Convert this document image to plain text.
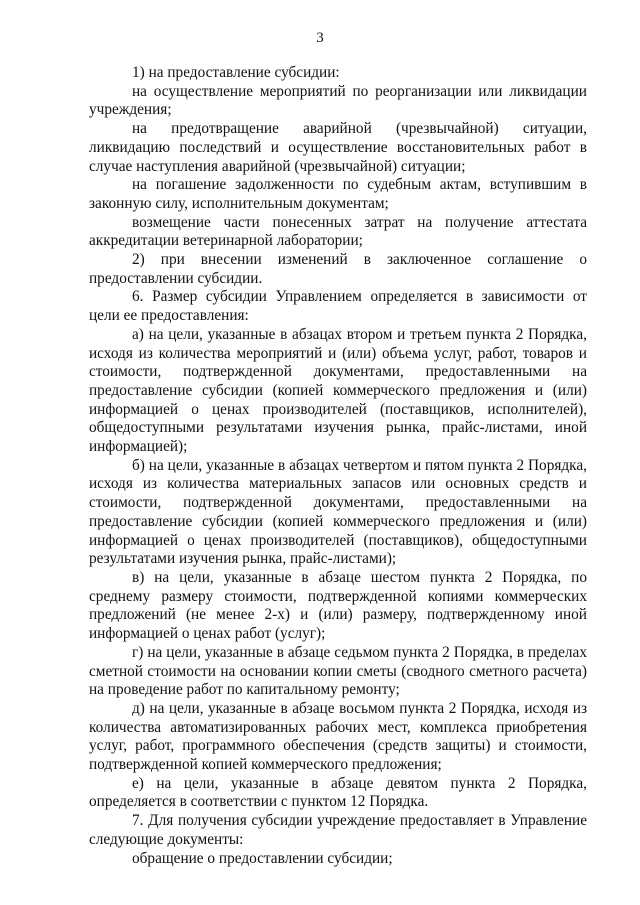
3

1) на предоставление субсидии:

на осуществление мероприятий по реорганизации или ликвидации учреждения;

на предотвращение аварийной (чрезвычайной) ситуации, ликвидацию последствий и осуществление восстановительных работ в случае наступления аварийной (чрезвычайной) ситуации;

на погашение задолженности по судебным актам, вступившим в законную силу, исполнительным документам;

возмещение части понесенных затрат на получение аттестата аккредитации ветеринарной лаборатории;

2) при внесении изменений в заключенное соглашение о предоставлении субсидии.

6. Размер субсидии Управлением определяется в зависимости от цели ее предоставления:

а) на цели, указанные в абзацах втором и третьем пункта 2 Порядка, исходя из количества мероприятий и (или) объема услуг, работ, товаров и стоимости, подтвержденной документами, предоставленными на предоставление субсидии (копией коммерческого предложения и (или) информацией о ценах производителей (поставщиков, исполнителей), общедоступными результатами изучения рынка, прайс-листами, иной информацией);

б) на цели, указанные в абзацах четвертом и пятом пункта 2 Порядка, исходя из количества материальных запасов или основных средств и стоимости, подтвержденной документами, предоставленными на предоставление субсидии (копией коммерческого предложения и (или) информацией о ценах производителей (поставщиков), общедоступными результатами изучения рынка, прайс-листами);

в) на цели, указанные в абзаце шестом пункта 2 Порядка, по среднему размеру стоимости, подтвержденной копиями коммерческих предложений (не менее 2-х) и (или) размеру, подтвержденному иной информацией о ценах работ (услуг);

г) на цели, указанные в абзаце седьмом пункта 2 Порядка, в пределах сметной стоимости на основании копии сметы (сводного сметного расчета) на проведение работ по капитальному ремонту;

д) на цели, указанные в абзаце восьмом пункта 2 Порядка, исходя из количества автоматизированных рабочих мест, комплекса приобретения услуг, работ, программного обеспечения (средств защиты) и стоимости, подтвержденной копией коммерческого предложения;

е) на цели, указанные в абзаце девятом пункта 2 Порядка, определяется в соответствии с пунктом 12 Порядка.

7. Для получения субсидии учреждение предоставляет в Управление следующие документы:

обращение о предоставлении субсидии;
